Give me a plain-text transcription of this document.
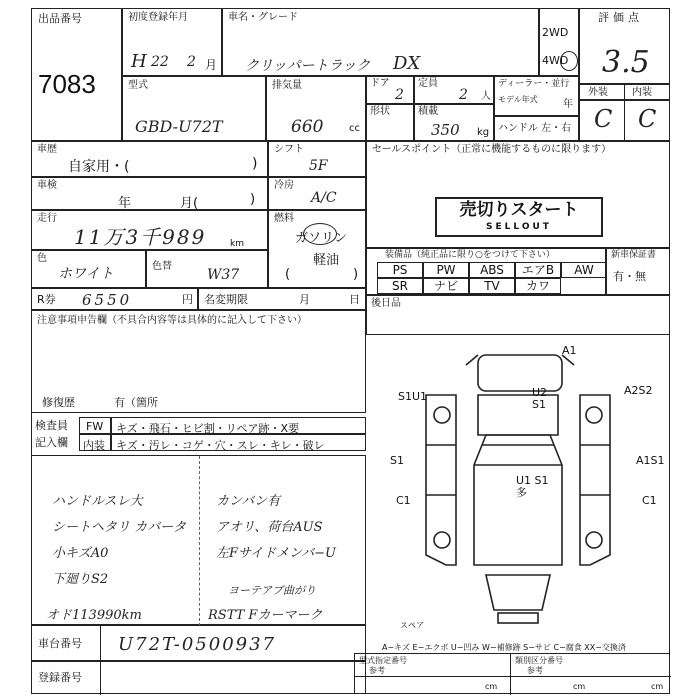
出品番号
7083
初度登録年月
H 22 2 月
車名・グレード
クリッパートラック DX
2WD
4WD
評価点
3.5
型式
GBD-U72T
排気量
660	cc
ドア
2
定員
2 人
ディーラー・並行
モデル年式	年
形状	積載
350 kg ハンドル 左・右
外装 内装
C C
車歴
自家用・(	)
シフト
5F
車検
年	月(	)
冷房
A/C
走行
11万3千989	km
燃料
ガソリン
軽油
(	)
色
ホワイト	色替
W37
R券 6550	円 名変期限	月	日
セールスポイント（正常に機能するものに限ります）
売切りスタート
SELLOUT
装備品（純正品に限り○をつけて下さい）
PS	PW	ABS	エアB	AW
SR	ナビ	TV	カワ
新車保証書
有・無
後日品
注意事項申告欄（不具合内容等は具体的に記入して下さい）
修復歴	有（箇所
検査員
記入欄
FW キズ・飛石・ヒビ割・リペア跡・X要
内装 キズ・汚レ・コゲ・穴・スレ・キレ・破レ
ハンドルスレ大
シートヘタリ カバータ
小キズA0
下廻りS2
オド113990km
カンバン有
アオリ、荷台AUS
左Fサイドメンバ−U
ヨーテアブ曲がり
RSTT Fカーマーク
A1
A2S2
S1U1	U2 S1
S1	A1S1
C1
U1 S1多
C1
スペア
A−キズ E−エクボ U−凹み W−補修跡 S−サビ C−腐食 XX−交換済
車台番号 U72T-0500937
登録番号
型式指定番号
参考
類別区分番号
参考
cm	cm	cm
